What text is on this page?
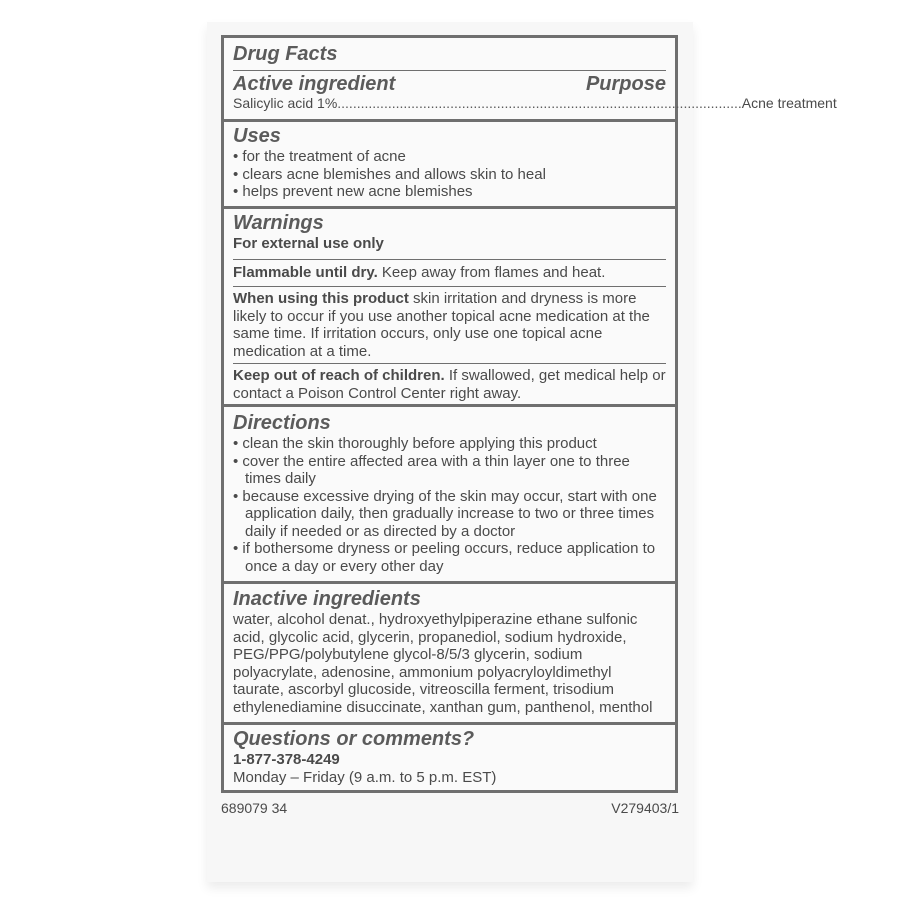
Drug Facts
Active ingredient	Purpose
Salicylic acid 1% ........................................................................................................ Acne treatment
Uses
• for the treatment of acne
• clears acne blemishes and allows skin to heal
• helps prevent new acne blemishes
Warnings

For external use only

Flammable until dry. Keep away from flames and heat.

When using this product skin irritation and dryness is more likely to occur if you use another topical acne medication at the same time. If irritation occurs, only use one topical acne medication at a time.

Keep out of reach of children. If swallowed, get medical help or contact a Poison Control Center right away.

Directions
• clean the skin thoroughly before applying this product
• cover the entire affected area with a thin layer one to three times daily
• because excessive drying of the skin may occur, start with one application daily, then gradually increase to two or three times daily if needed or as directed by a doctor
• if bothersome dryness or peeling occurs, reduce application to once a day or every other day
Inactive ingredients

water, alcohol denat., hydroxyethylpiperazine ethane sulfonic acid, glycolic acid, glycerin, propanediol, sodium hydroxide, PEG/PPG/polybutylene glycol-8/5/3 glycerin, sodium polyacrylate, adenosine, ammonium polyacryloyldimethyl taurate, ascorbyl glucoside, vitreoscilla ferment, trisodium ethylenediamine disuccinate, xanthan gum, panthenol, menthol

Questions or comments?

1-877-378-4249

Monday – Friday (9 a.m. to 5 p.m. EST)

689079 34	V279403/1
